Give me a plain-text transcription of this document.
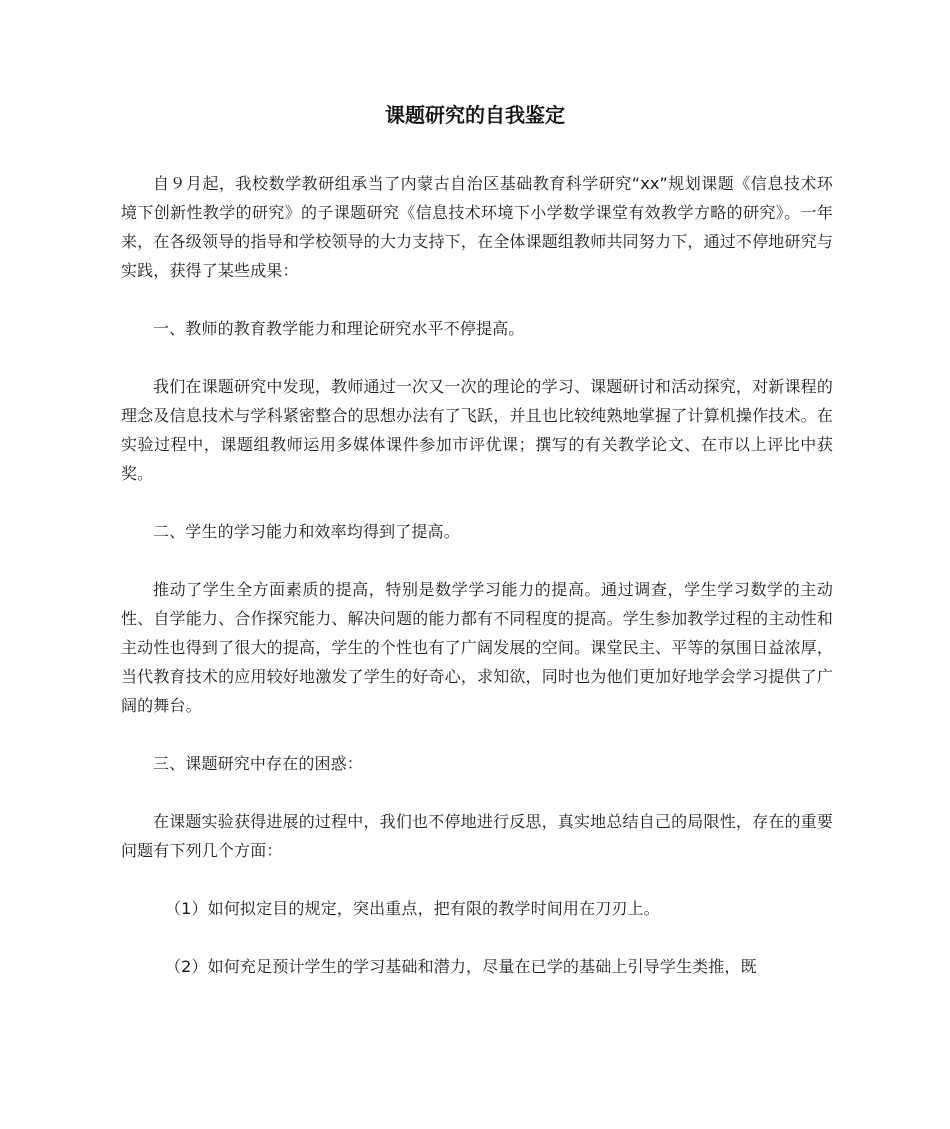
课题研究的自我鉴定

自９月起，我校数学教研组承当了内蒙古自治区基础教育科学研究“xx”规划课题《信息技术环境下创新性教学的研究》的子课题研究《信息技术环境下小学数学课堂有效教学方略的研究》。一年来，在各级领导的指导和学校领导的大力支持下，在全体课题组教师共同努力下，通过不停地研究与实践，获得了某些成果：

一、教师的教育教学能力和理论研究水平不停提高。

我们在课题研究中发现，教师通过一次又一次的理论的学习、课题研讨和活动探究，对新课程的理念及信息技术与学科紧密整合的思想办法有了飞跃，并且也比较纯熟地掌握了计算机操作技术。在实验过程中，课题组教师运用多媒体课件参加市评优课；撰写的有关教学论文、在市以上评比中获奖。

二、学生的学习能力和效率均得到了提高。

推动了学生全方面素质的提高，特别是数学学习能力的提高。通过调查，学生学习数学的主动性、自学能力、合作探究能力、解决问题的能力都有不同程度的提高。学生参加教学过程的主动性和主动性也得到了很大的提高，学生的个性也有了广阔发展的空间。课堂民主、平等的氛围日益浓厚，当代教育技术的应用较好地激发了学生的好奇心，求知欲，同时也为他们更加好地学会学习提供了广阔的舞台。

三、课题研究中存在的困惑：

在课题实验获得进展的过程中，我们也不停地进行反思，真实地总结自己的局限性，存在的重要问题有下列几个方面：

（1）如何拟定目的规定，突出重点，把有限的教学时间用在刀刃上。

（2）如何充足预计学生的学习基础和潜力，尽量在已学的基础上引导学生类推，既
